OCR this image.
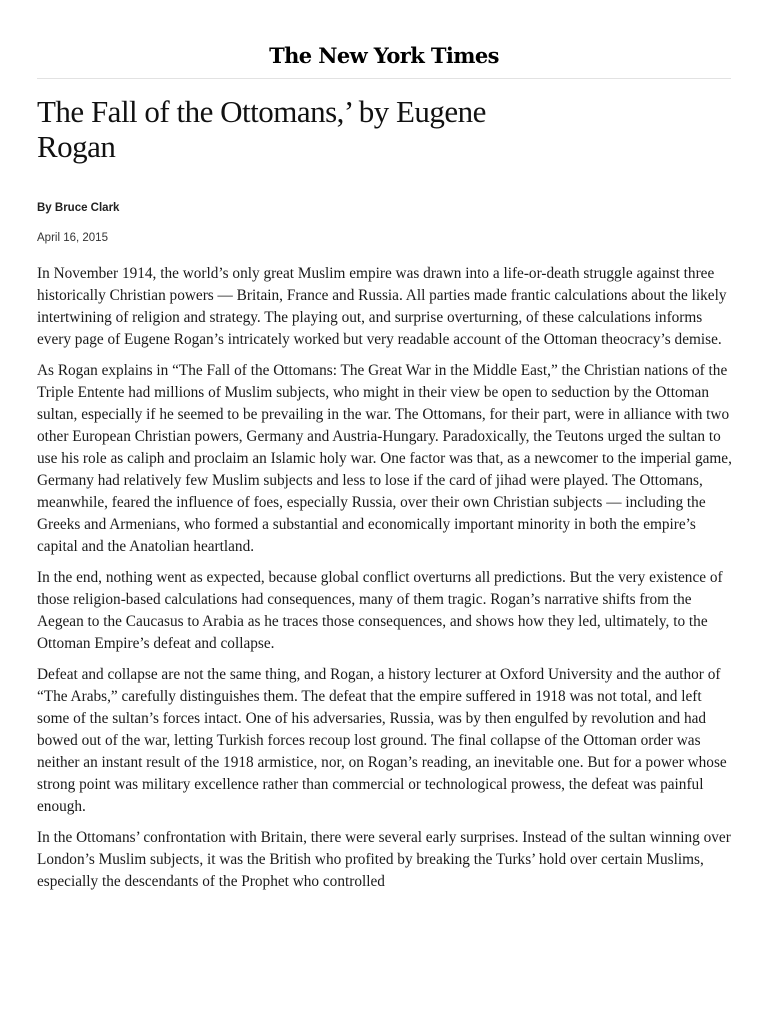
The New York Times
The Fall of the Ottomans,’ by Eugene
Rogan

By Bruce Clark

April 16, 2015

In November 1914, the world’s only great Muslim empire was drawn into a life-or-death struggle against three historically Christian powers — Britain, France and Russia. All parties made frantic calculations about the likely intertwining of religion and strategy. The playing out, and surprise overturning, of these calculations informs every page of Eugene Rogan’s intricately worked but very readable account of the Ottoman theocracy’s demise.

As Rogan explains in “The Fall of the Ottomans: The Great War in the Middle East,” the Christian nations of the Triple Entente had millions of Muslim subjects, who might in their view be open to seduction by the Ottoman sultan, especially if he seemed to be prevailing in the war. The Ottomans, for their part, were in alliance with two other European Christian powers, Germany and Austria-Hungary. Paradoxically, the Teutons urged the sultan to use his role as caliph and proclaim an Islamic holy war. One factor was that, as a newcomer to the imperial game, Germany had relatively few Muslim subjects and less to lose if the card of jihad were played. The Ottomans, meanwhile, feared the influence of foes, especially Russia, over their own Christian subjects — including the Greeks and Armenians, who formed a substantial and economically important minority in both the empire’s capital and the Anatolian heartland.

In the end, nothing went as expected, because global conflict overturns all predictions. But the very existence of those religion-based calculations had consequences, many of them tragic. Rogan’s narrative shifts from the Aegean to the Caucasus to Arabia as he traces those consequences, and shows how they led, ultimately, to the Ottoman Empire’s defeat and collapse.

Defeat and collapse are not the same thing, and Rogan, a history lecturer at Oxford University and the author of “The Arabs,” carefully distinguishes them. The defeat that the empire suffered in 1918 was not total, and left some of the sultan’s forces intact. One of his adversaries, Russia, was by then engulfed by revolution and had bowed out of the war, letting Turkish forces recoup lost ground. The final collapse of the Ottoman order was neither an instant result of the 1918 armistice, nor, on Rogan’s reading, an inevitable one. But for a power whose strong point was military excellence rather than commercial or technological prowess, the defeat was painful enough.

In the Ottomans’ confrontation with Britain, there were several early surprises. Instead of the sultan winning over London’s Muslim subjects, it was the British who profited by breaking the Turks’ hold over certain Muslims, especially the descendants of the Prophet who controlled
